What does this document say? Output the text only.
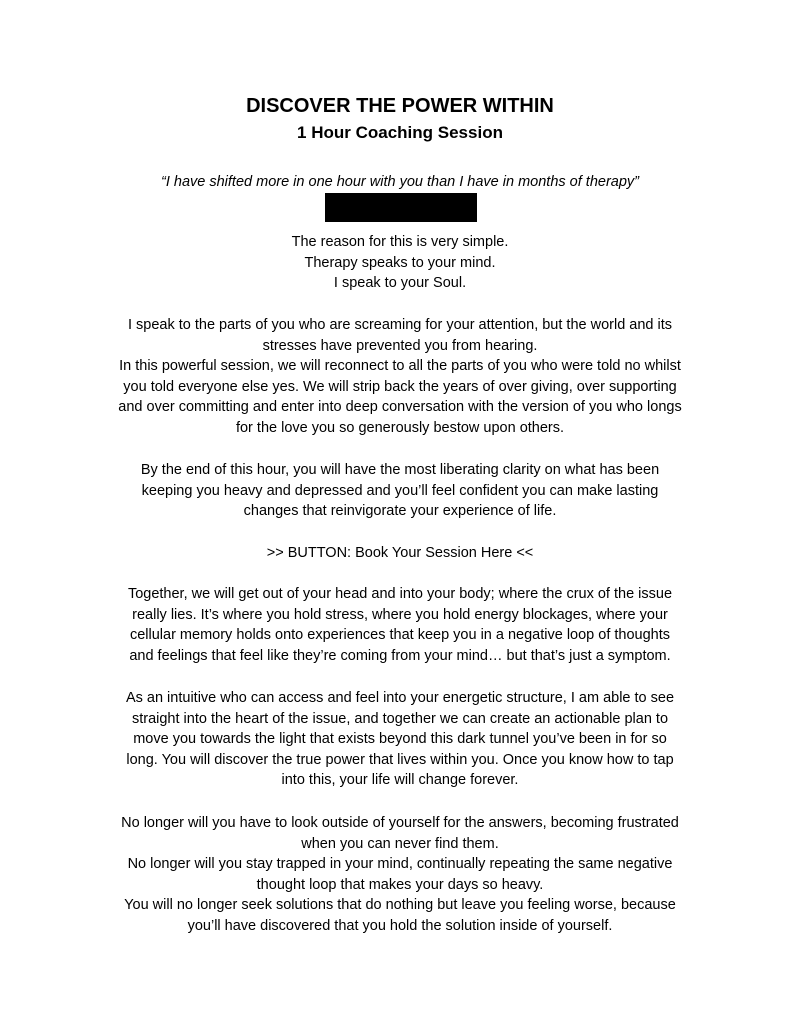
DISCOVER THE POWER WITHIN
1 Hour Coaching Session
“I have shifted more in one hour with you than I have in months of therapy”
The reason for this is very simple.
Therapy speaks to your mind.
I speak to your Soul.
I speak to the parts of you who are screaming for your attention, but the world and its
stresses have prevented you from hearing.
In this powerful session, we will reconnect to all the parts of you who were told no whilst
you told everyone else yes. We will strip back the years of over giving, over supporting
and over committing and enter into deep conversation with the version of you who longs
for the love you so generously bestow upon others.
By the end of this hour, you will have the most liberating clarity on what has been
keeping you heavy and depressed and you’ll feel confident you can make lasting
changes that reinvigorate your experience of life.
>> BUTTON: Book Your Session Here <<
Together, we will get out of your head and into your body; where the crux of the issue
really lies. It’s where you hold stress, where you hold energy blockages, where your
cellular memory holds onto experiences that keep you in a negative loop of thoughts
and feelings that feel like they’re coming from your mind… but that’s just a symptom.
As an intuitive who can access and feel into your energetic structure, I am able to see
straight into the heart of the issue, and together we can create an actionable plan to
move you towards the light that exists beyond this dark tunnel you’ve been in for so
long. You will discover the true power that lives within you. Once you know how to tap
into this, your life will change forever.
No longer will you have to look outside of yourself for the answers, becoming frustrated
when you can never find them.
No longer will you stay trapped in your mind, continually repeating the same negative
thought loop that makes your days so heavy.
You will no longer seek solutions that do nothing but leave you feeling worse, because
you’ll have discovered that you hold the solution inside of yourself.
